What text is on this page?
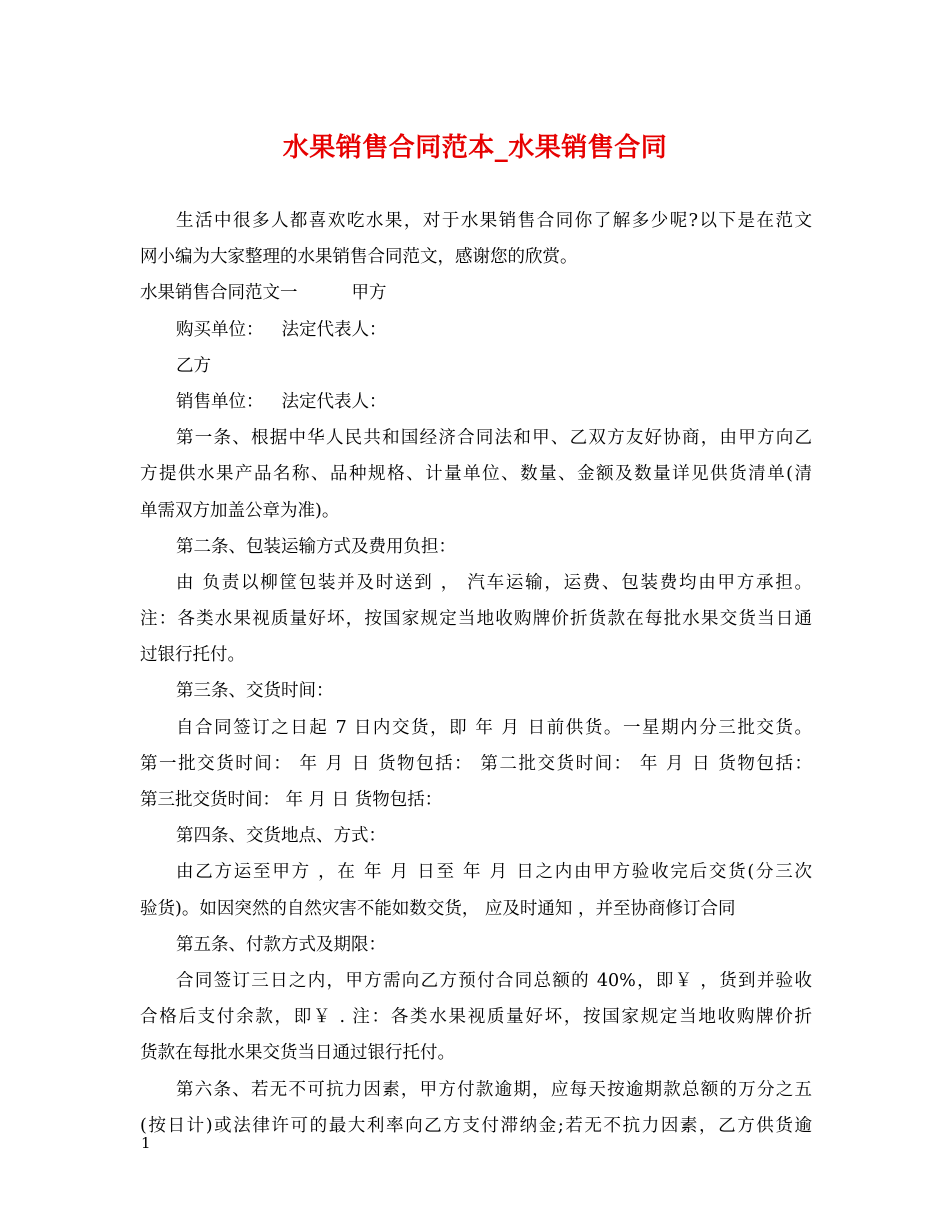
水果销售合同范本_水果销售合同
生活中很多人都喜欢吃水果，对于水果销售合同你了解多少呢?以下是在范文
网小编为大家整理的水果销售合同范文，感谢您的欣赏。
水果销售合同范文一	甲方
购买单位： 法定代表人：
乙方
销售单位： 法定代表人：
第一条、根据中华人民共和国经济合同法和甲、乙双方友好协商，由甲方向乙
方提供水果产品名称、品种规格、计量单位、数量、金额及数量详见供货清单(清
单需双方加盖公章为准)。
第二条、包装运输方式及费用负担：
由 负责以柳筐包装并及时送到 ， 汽车运输，运费、包装费均由甲方承担。
注：各类水果视质量好坏，按国家规定当地收购牌价折货款在每批水果交货当日通
过银行托付。
第三条、交货时间：
自合同签订之日起 7 日内交货，即 年 月 日前供货。一星期内分三批交货。
第一批交货时间： 年 月 日 货物包括： 第二批交货时间： 年 月 日 货物包括：
第三批交货时间： 年 月 日 货物包括：
第四条、交货地点、方式：
由乙方运至甲方 ，在 年 月 日至 年 月 日之内由甲方验收完后交货(分三次
验货)。如因突然的自然灾害不能如数交货， 应及时通知 ，并至协商修订合同
第五条、付款方式及期限：
合同签订三日之内，甲方需向乙方预付合同总额的 40%，即￥ ，货到并验收
合格后支付余款，即￥ . 注：各类水果视质量好坏，按国家规定当地收购牌价折
货款在每批水果交货当日通过银行托付。
第六条、若无不可抗力因素，甲方付款逾期，应每天按逾期款总额的万分之五
(按日计)或法律许可的最大利率向乙方支付滞纳金;若无不抗力因素，乙方供货逾
1
